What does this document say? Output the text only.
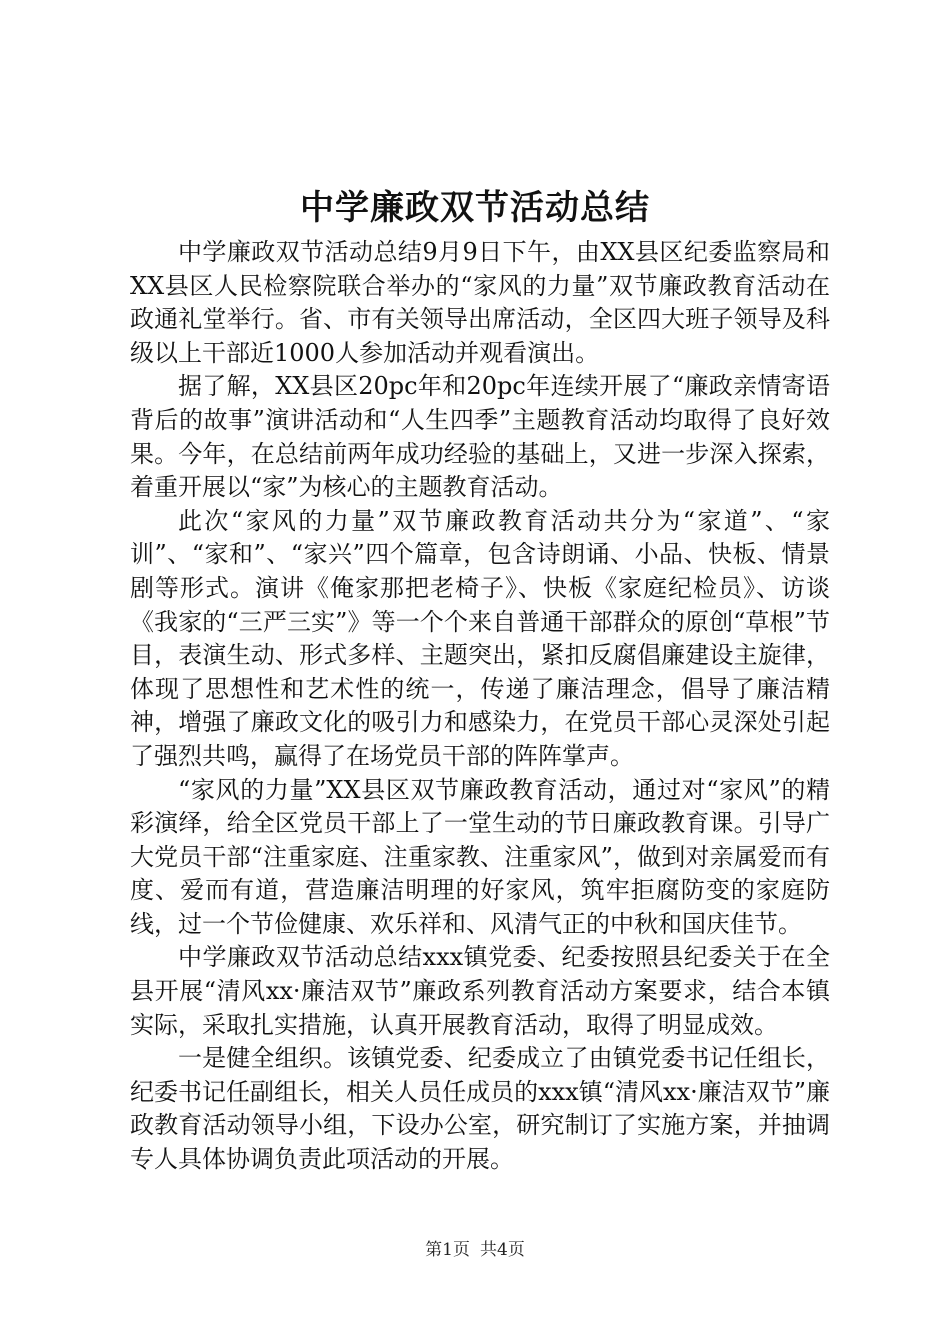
中学廉政双节活动总结

中学廉政双节活动总结9月9日下午，由XX县区纪委监察局和XX县区人民检察院联合举办的“家风的力量”双节廉政教育活动在政通礼堂举行。省、市有关领导出席活动，全区四大班子领导及科级以上干部近1000人参加活动并观看演出。

据了解，XX县区20pc年和20pc年连续开展了“廉政亲情寄语背后的故事”演讲活动和“人生四季”主题教育活动均取得了良好效果。今年，在总结前两年成功经验的基础上，又进一步深入探索，着重开展以“家”为核心的主题教育活动。

此次“家风的力量”双节廉政教育活动共分为“家道”、“家训”、“家和”、“家兴”四个篇章，包含诗朗诵、小品、快板、情景剧等形式。演讲《俺家那把老椅子》、快板《家庭纪检员》、访谈《我家的“三严三实”》等一个个来自普通干部群众的原创“草根”节目，表演生动、形式多样、主题突出，紧扣反腐倡廉建设主旋律，体现了思想性和艺术性的统一，传递了廉洁理念，倡导了廉洁精神，增强了廉政文化的吸引力和感染力，在党员干部心灵深处引起了强烈共鸣，赢得了在场党员干部的阵阵掌声。

“家风的力量”XX县区双节廉政教育活动，通过对“家风”的精彩演绎，给全区党员干部上了一堂生动的节日廉政教育课。引导广大党员干部“注重家庭、注重家教、注重家风”，做到对亲属爱而有度、爱而有道，营造廉洁明理的好家风，筑牢拒腐防变的家庭防线，过一个节俭健康、欢乐祥和、风清气正的中秋和国庆佳节。

中学廉政双节活动总结xxx镇党委、纪委按照县纪委关于在全县开展“清风xx·廉洁双节”廉政系列教育活动方案要求，结合本镇实际，采取扎实措施，认真开展教育活动，取得了明显成效。

一是健全组织。该镇党委、纪委成立了由镇党委书记任组长，纪委书记任副组长，相关人员任成员的xxx镇“清风xx·廉洁双节”廉政教育活动领导小组，下设办公室，研究制订了实施方案，并抽调专人具体协调负责此项活动的开展。

第1页 共4页
